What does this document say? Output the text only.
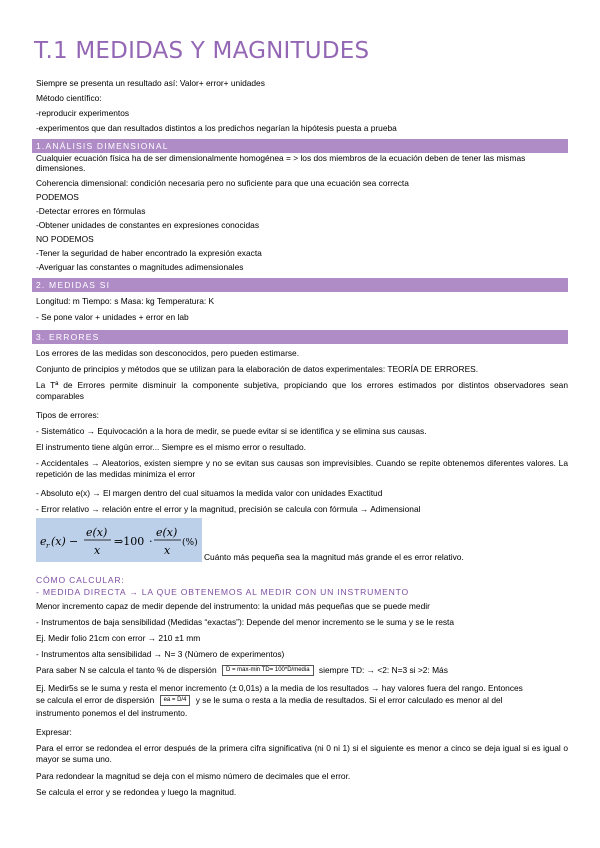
T.1 MEDIDAS Y MAGNITUDES
Siempre se presenta un resultado así: Valor+ error+ unidades
Método científico:
-reproducir experimentos
-experimentos que dan resultados distintos a los predichos negarían la hipótesis puesta a prueba
1.ANÁLISIS DIMENSIONAL
Cualquier ecuación física ha de ser dimensionalmente homogénea = > los dos miembros de la ecuación deben de tener las mismas dimensiones.
Coherencia dimensional: condición necesaria pero no suficiente para que una ecuación sea correcta
PODEMOS
-Detectar errores en fórmulas
-Obtener unidades de constantes en expresiones conocidas
NO PODEMOS
-Tener la seguridad de haber encontrado la expresión exacta
-Averiguar las constantes o magnitudes adimensionales
2. MEDIDAS SI
Longitud: m Tiempo: s Masa: kg Temperatura: K
- Se pone valor + unidades + error en lab
3. ERRORES
Los errores de las medidas son desconocidos, pero pueden estimarse.
Conjunto de principios y métodos que se utilizan para la elaboración de datos experimentales: TEORÍA DE ERRORES.
La Tª de Errores permite disminuir la componente subjetiva, propiciando que los errores estimados por distintos observadores sean comparables
Tipos de errores:
- Sistemático → Equivocación a la hora de medir, se puede evitar si se identifica y se elimina sus causas.
El instrumento tiene algún error... Siempre es el mismo error o resultado.
- Accidentales → Aleatorios, existen siempre y no se evitan sus causas son imprevisibles. Cuando se repite obtenemos diferentes valores. La repetición de las medidas minimiza el error
- Absoluto e(x) → El margen dentro del cual situamos la medida valor con unidades Exactitud
- Error relativo → relación entre el error y la magnitud, precisión se calcula con fórmula → Adimensional
e r (x) −
e(x)
x
⇒100 ·
e(x)
x
(%)
Cuánto más pequeña sea la magnitud más grande el es error relativo.
CÓMO CALCULAR:
- MEDIDA DIRECTA → LA QUE OBTENEMOS AL MEDIR CON UN INSTRUMENTO
Menor incremento capaz de medir depende del instrumento: la unidad más pequeñas que se puede medir
- Instrumentos de baja sensibilidad (Medidas “exactas”): Depende del menor incremento se le suma y se le resta
Ej. Medir folio 21cm con error → 210 ±1 mm
- Instrumentos alta sensibilidad → N= 3 (Número de experimentos)
Para saber N se calcula el tanto % de dispersión D = max-min TD= 100*D/media siempre TD: → <2: N=3 si >2: Más
Ej. Medir5s se le suma y resta el menor incremento (± 0,01s) a la media de los resultados → hay valores fuera del rango. Entonces
se calcula el error de dispersión ea = D/4 y se le suma o resta a la media de resultados. Si el error calculado es menor al del
instrumento ponemos el del instrumento.
Expresar:
Para el error se redondea el error después de la primera cifra significativa (ni 0 ni 1) si el siguiente es menor a cinco se deja igual si es igual o mayor se suma uno.
Para redondear la magnitud se deja con el mismo número de decimales que el error.
Se calcula el error y se redondea y luego la magnitud.
